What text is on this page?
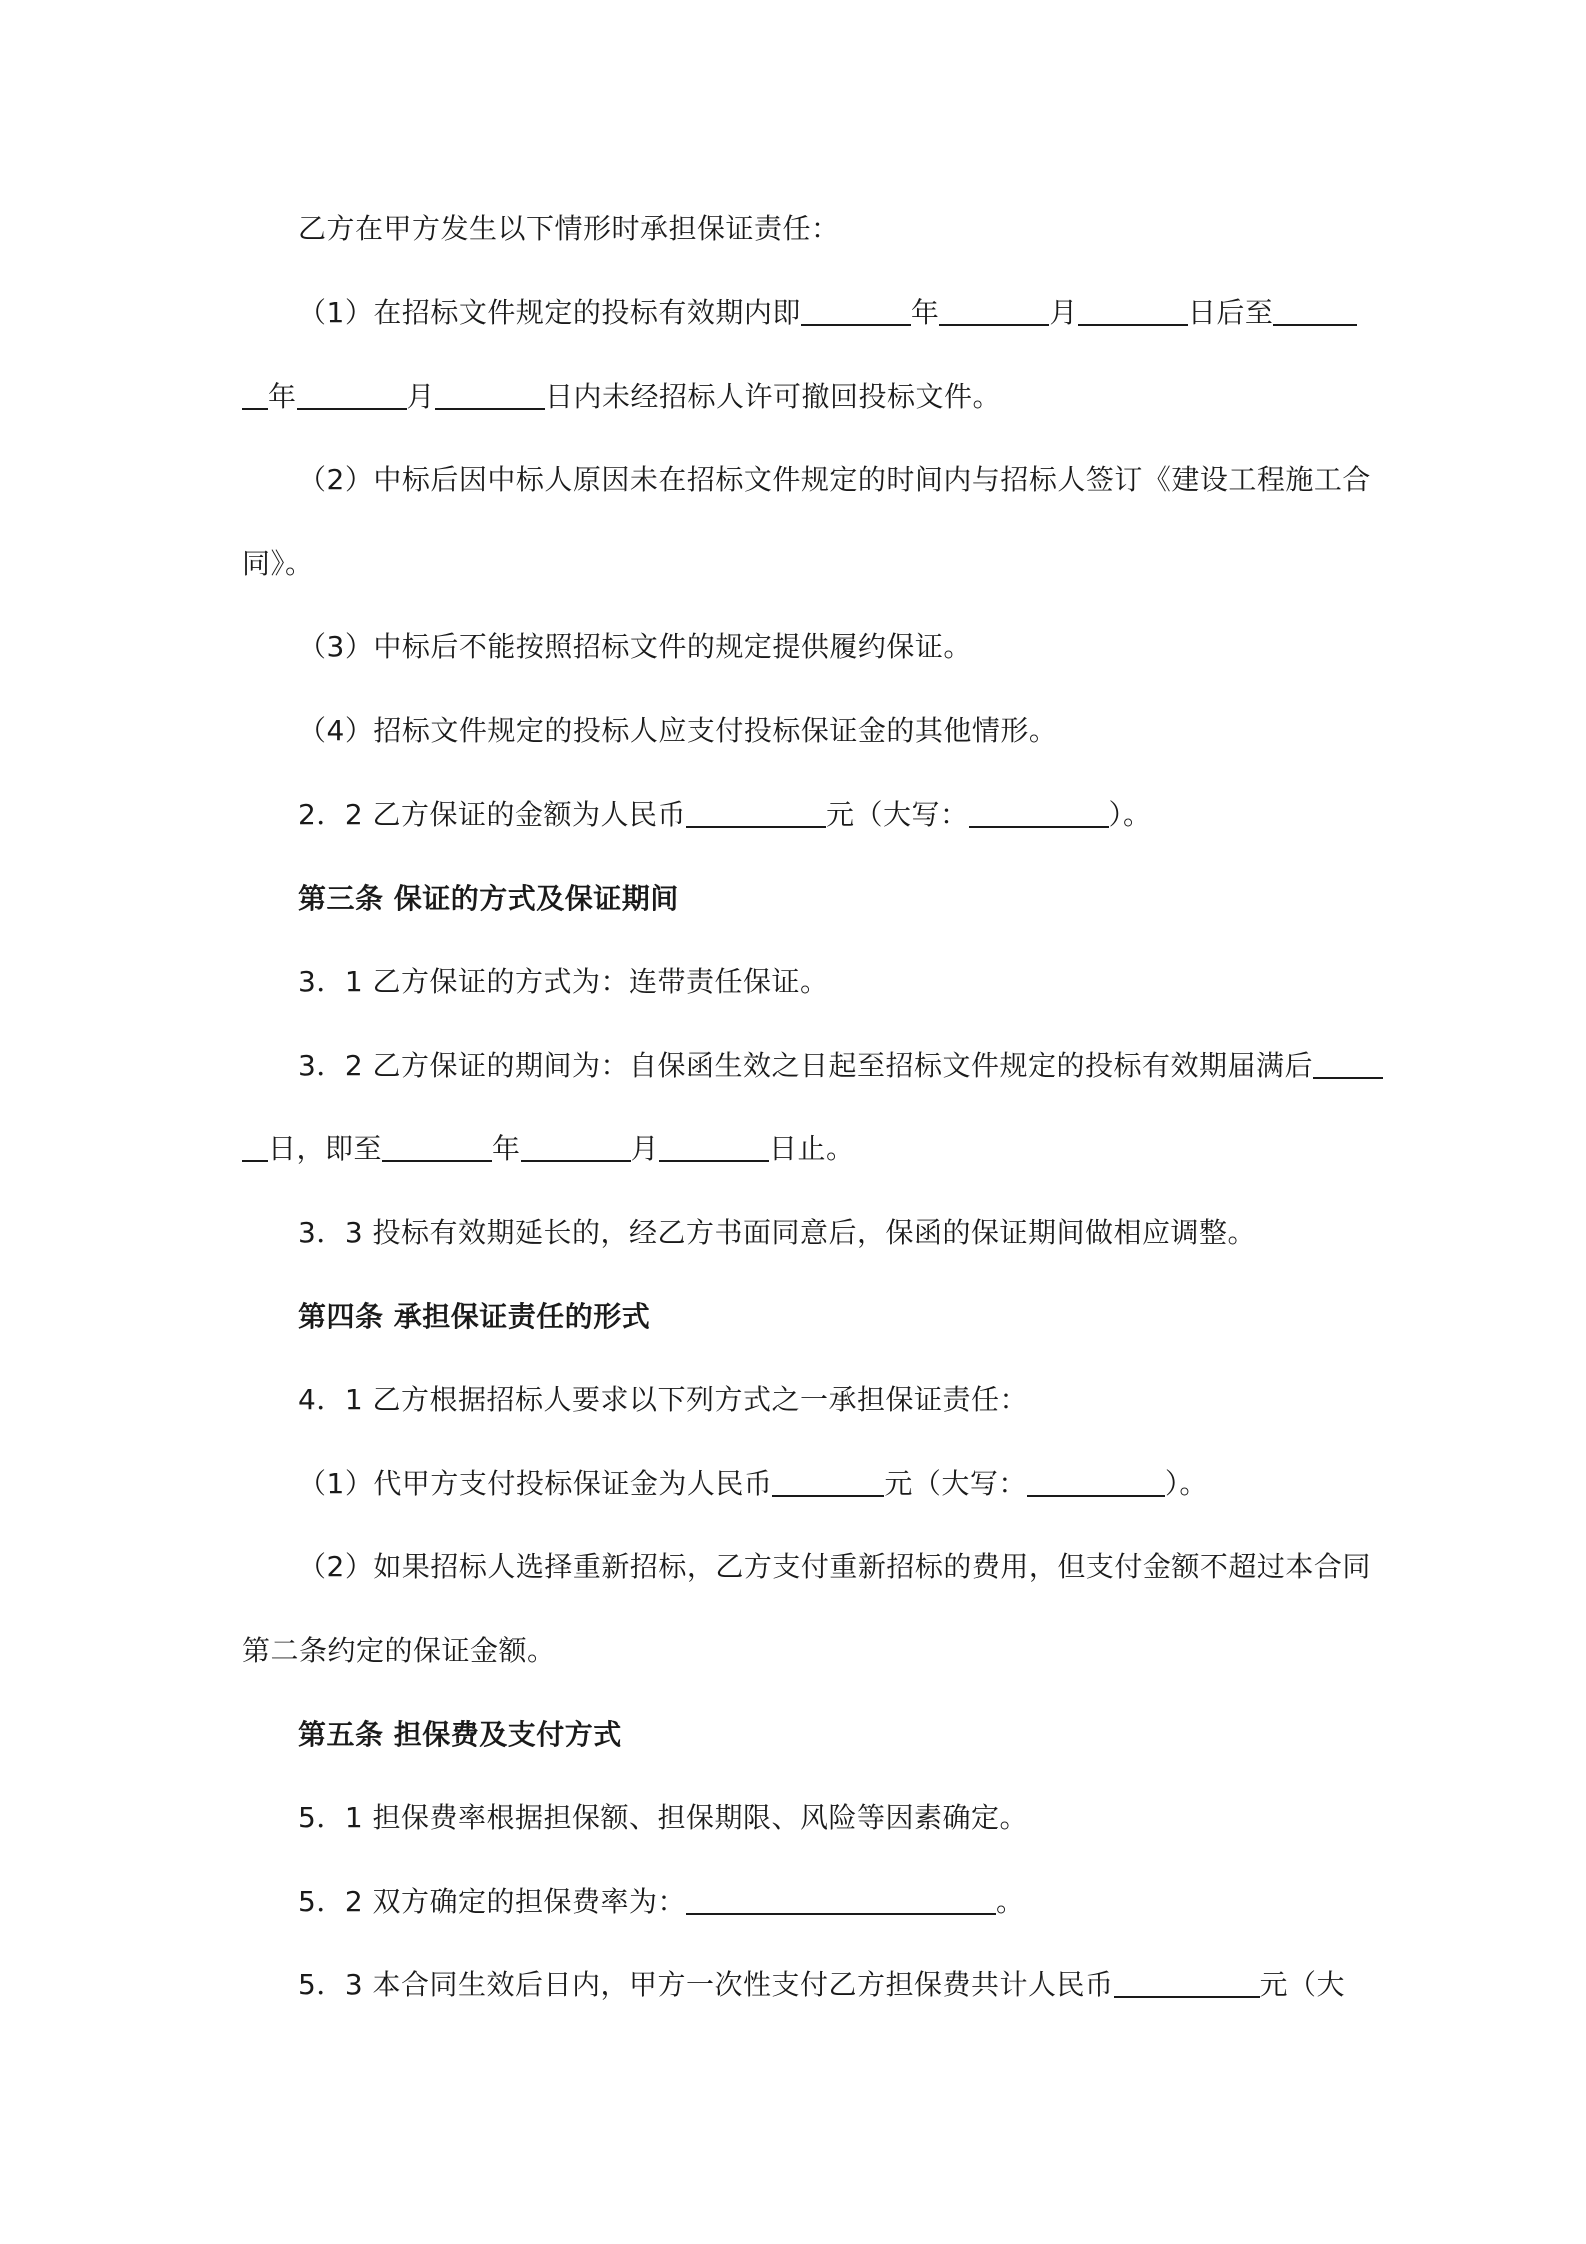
乙方在甲方发生以下情形时承担保证责任：
（1）在招标文件规定的投标有效期内即	年	月	日后至
年	月	日内未经招标人许可撤回投标文件。
（2）中标后因中标人原因未在招标文件规定的时间内与招标人签订《建设工程施工合
同》。
（3）中标后不能按照招标文件的规定提供履约保证。
（4）招标文件规定的投标人应支付投标保证金的其他情形。
2．2 乙方保证的金额为人民币	元（大写：	）。
第三条 保证的方式及保证期间
3．1 乙方保证的方式为：连带责任保证。
3．2 乙方保证的期间为：自保函生效之日起至招标文件规定的投标有效期届满后
日，即至	年	月	日止。
3．3 投标有效期延长的，经乙方书面同意后，保函的保证期间做相应调整。
第四条 承担保证责任的形式
4．1 乙方根据招标人要求以下列方式之一承担保证责任：
（1）代甲方支付投标保证金为人民币	元（大写：	）。
（2）如果招标人选择重新招标，乙方支付重新招标的费用，但支付金额不超过本合同
第二条约定的保证金额。
第五条 担保费及支付方式
5．1 担保费率根据担保额、担保期限、风险等因素确定。
5．2 双方确定的担保费率为：	。
5．3 本合同生效后日内，甲方一次性支付乙方担保费共计人民币	元（大
